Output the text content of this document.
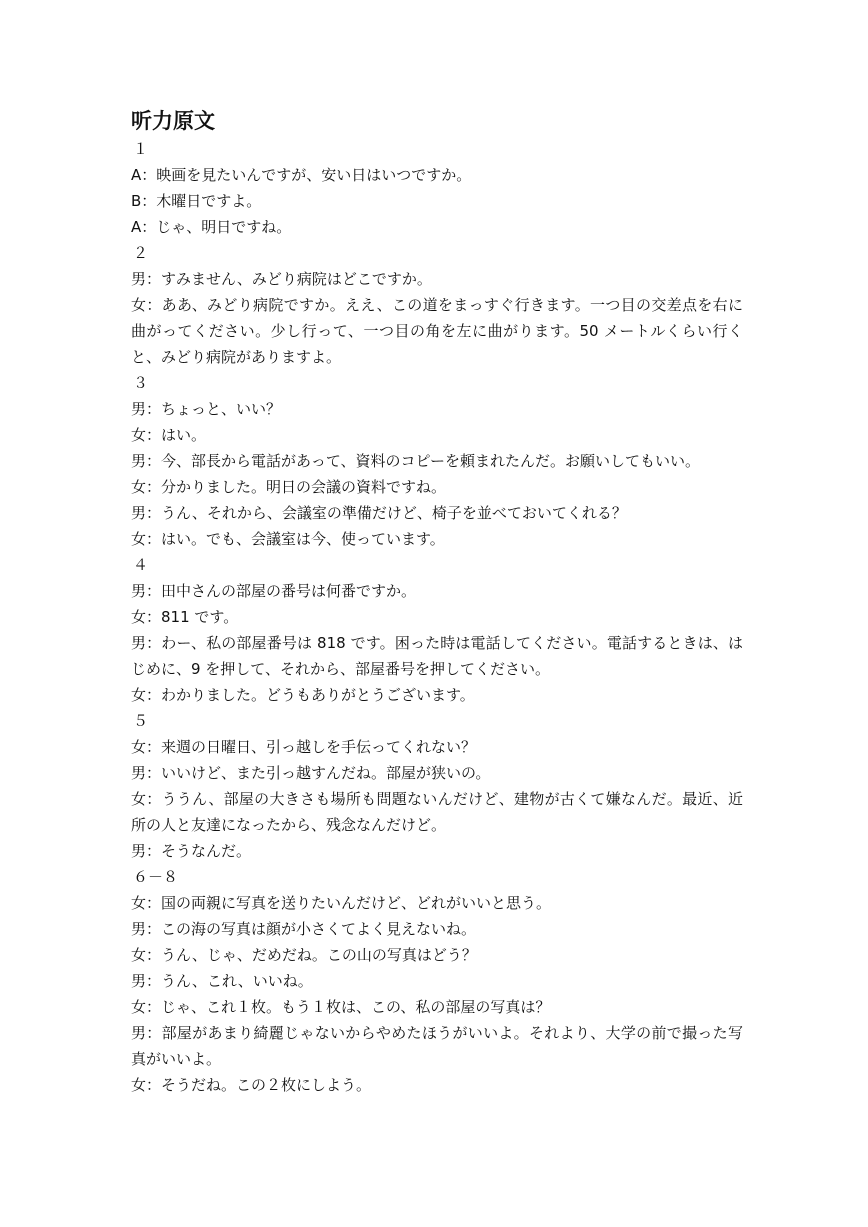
听力原文

１

A：映画を見たいんですが、安い日はいつですか。

B：木曜日ですよ。

A：じゃ、明日ですね。

２

男：すみません、みどり病院はどこですか。

女：ああ、みどり病院ですか。ええ、この道をまっすぐ行きます。一つ目の交差点を右に曲がってください。少し行って、一つ目の角を左に曲がります。50 メートルくらい行くと、みどり病院がありますよ。

３

男：ちょっと、いい？

女：はい。

男：今、部長から電話があって、資料のコピーを頼まれたんだ。お願いしてもいい。

女：分かりました。明日の会議の資料ですね。

男：うん、それから、会議室の準備だけど、椅子を並べておいてくれる？

女：はい。でも、会議室は今、使っています。

４

男：田中さんの部屋の番号は何番ですか。

女：811 です。

男：わー、私の部屋番号は 818 です。困った時は電話してください。電話するときは、はじめに、9 を押して、それから、部屋番号を押してください。

女：わかりました。どうもありがとうございます。

５

女：来週の日曜日、引っ越しを手伝ってくれない？

男：いいけど、また引っ越すんだね。部屋が狭いの。

女：ううん、部屋の大きさも場所も問題ないんだけど、建物が古くて嫌なんだ。最近、近所の人と友達になったから、残念なんだけど。

男：そうなんだ。

６－８

女：国の両親に写真を送りたいんだけど、どれがいいと思う。

男：この海の写真は顔が小さくてよく見えないね。

女：うん、じゃ、だめだね。この山の写真はどう？

男：うん、これ、いいね。

女：じゃ、これ１枚。もう１枚は、この、私の部屋の写真は？

男：部屋があまり綺麗じゃないからやめたほうがいいよ。それより、大学の前で撮った写真がいいよ。

女：そうだね。この２枚にしよう。
